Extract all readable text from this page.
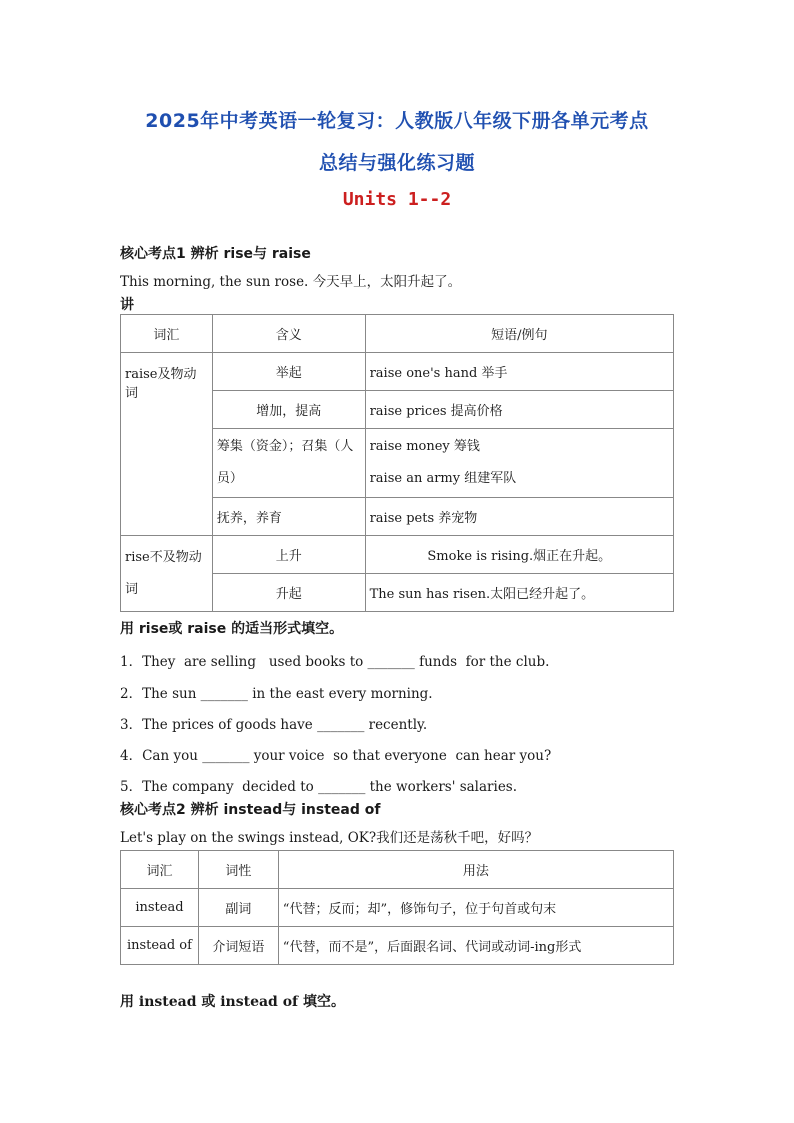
2025年中考英语一轮复习：人教版八年级下册各单元考点
总结与强化练习题
Units 1--2
核心考点1 辨析 rise与 raise
This morning, the sun rose. 今天早上，太阳升起了。
讲
词汇	含义	短语/例句
raise及物动词	举起	raise one's hand 举手
	增加，提高	raise prices 提高价格
	筹集（资金）；召集（人员）	raise money 筹钱
raise an army 组建军队

	抚养，养育	raise pets 养宠物
rise不及物动词	上升	Smoke is rising.烟正在升起。
	升起	The sun has risen.太阳已经升起了。
用 rise或 raise 的适当形式填空。
1．They  are selling   used books to _______ funds  for the club.
2．The sun _______ in the east every morning.
3．The prices of goods have _______ recently.
4．Can you _______ your voice  so that everyone  can hear you?
5．The company  decided to _______ the workers' salaries.
核心考点2 辨析 instead与 instead of
Let's play on the swings instead, OK?我们还是荡秋千吧，好吗？
词汇	词性	用法
instead	副词	“代替；反而；却”，修饰句子，位于句首或句末
instead of	介词短语	“代替，而不是”，后面跟名词、代词或动词-ing形式
用 instead 或 instead of 填空。
